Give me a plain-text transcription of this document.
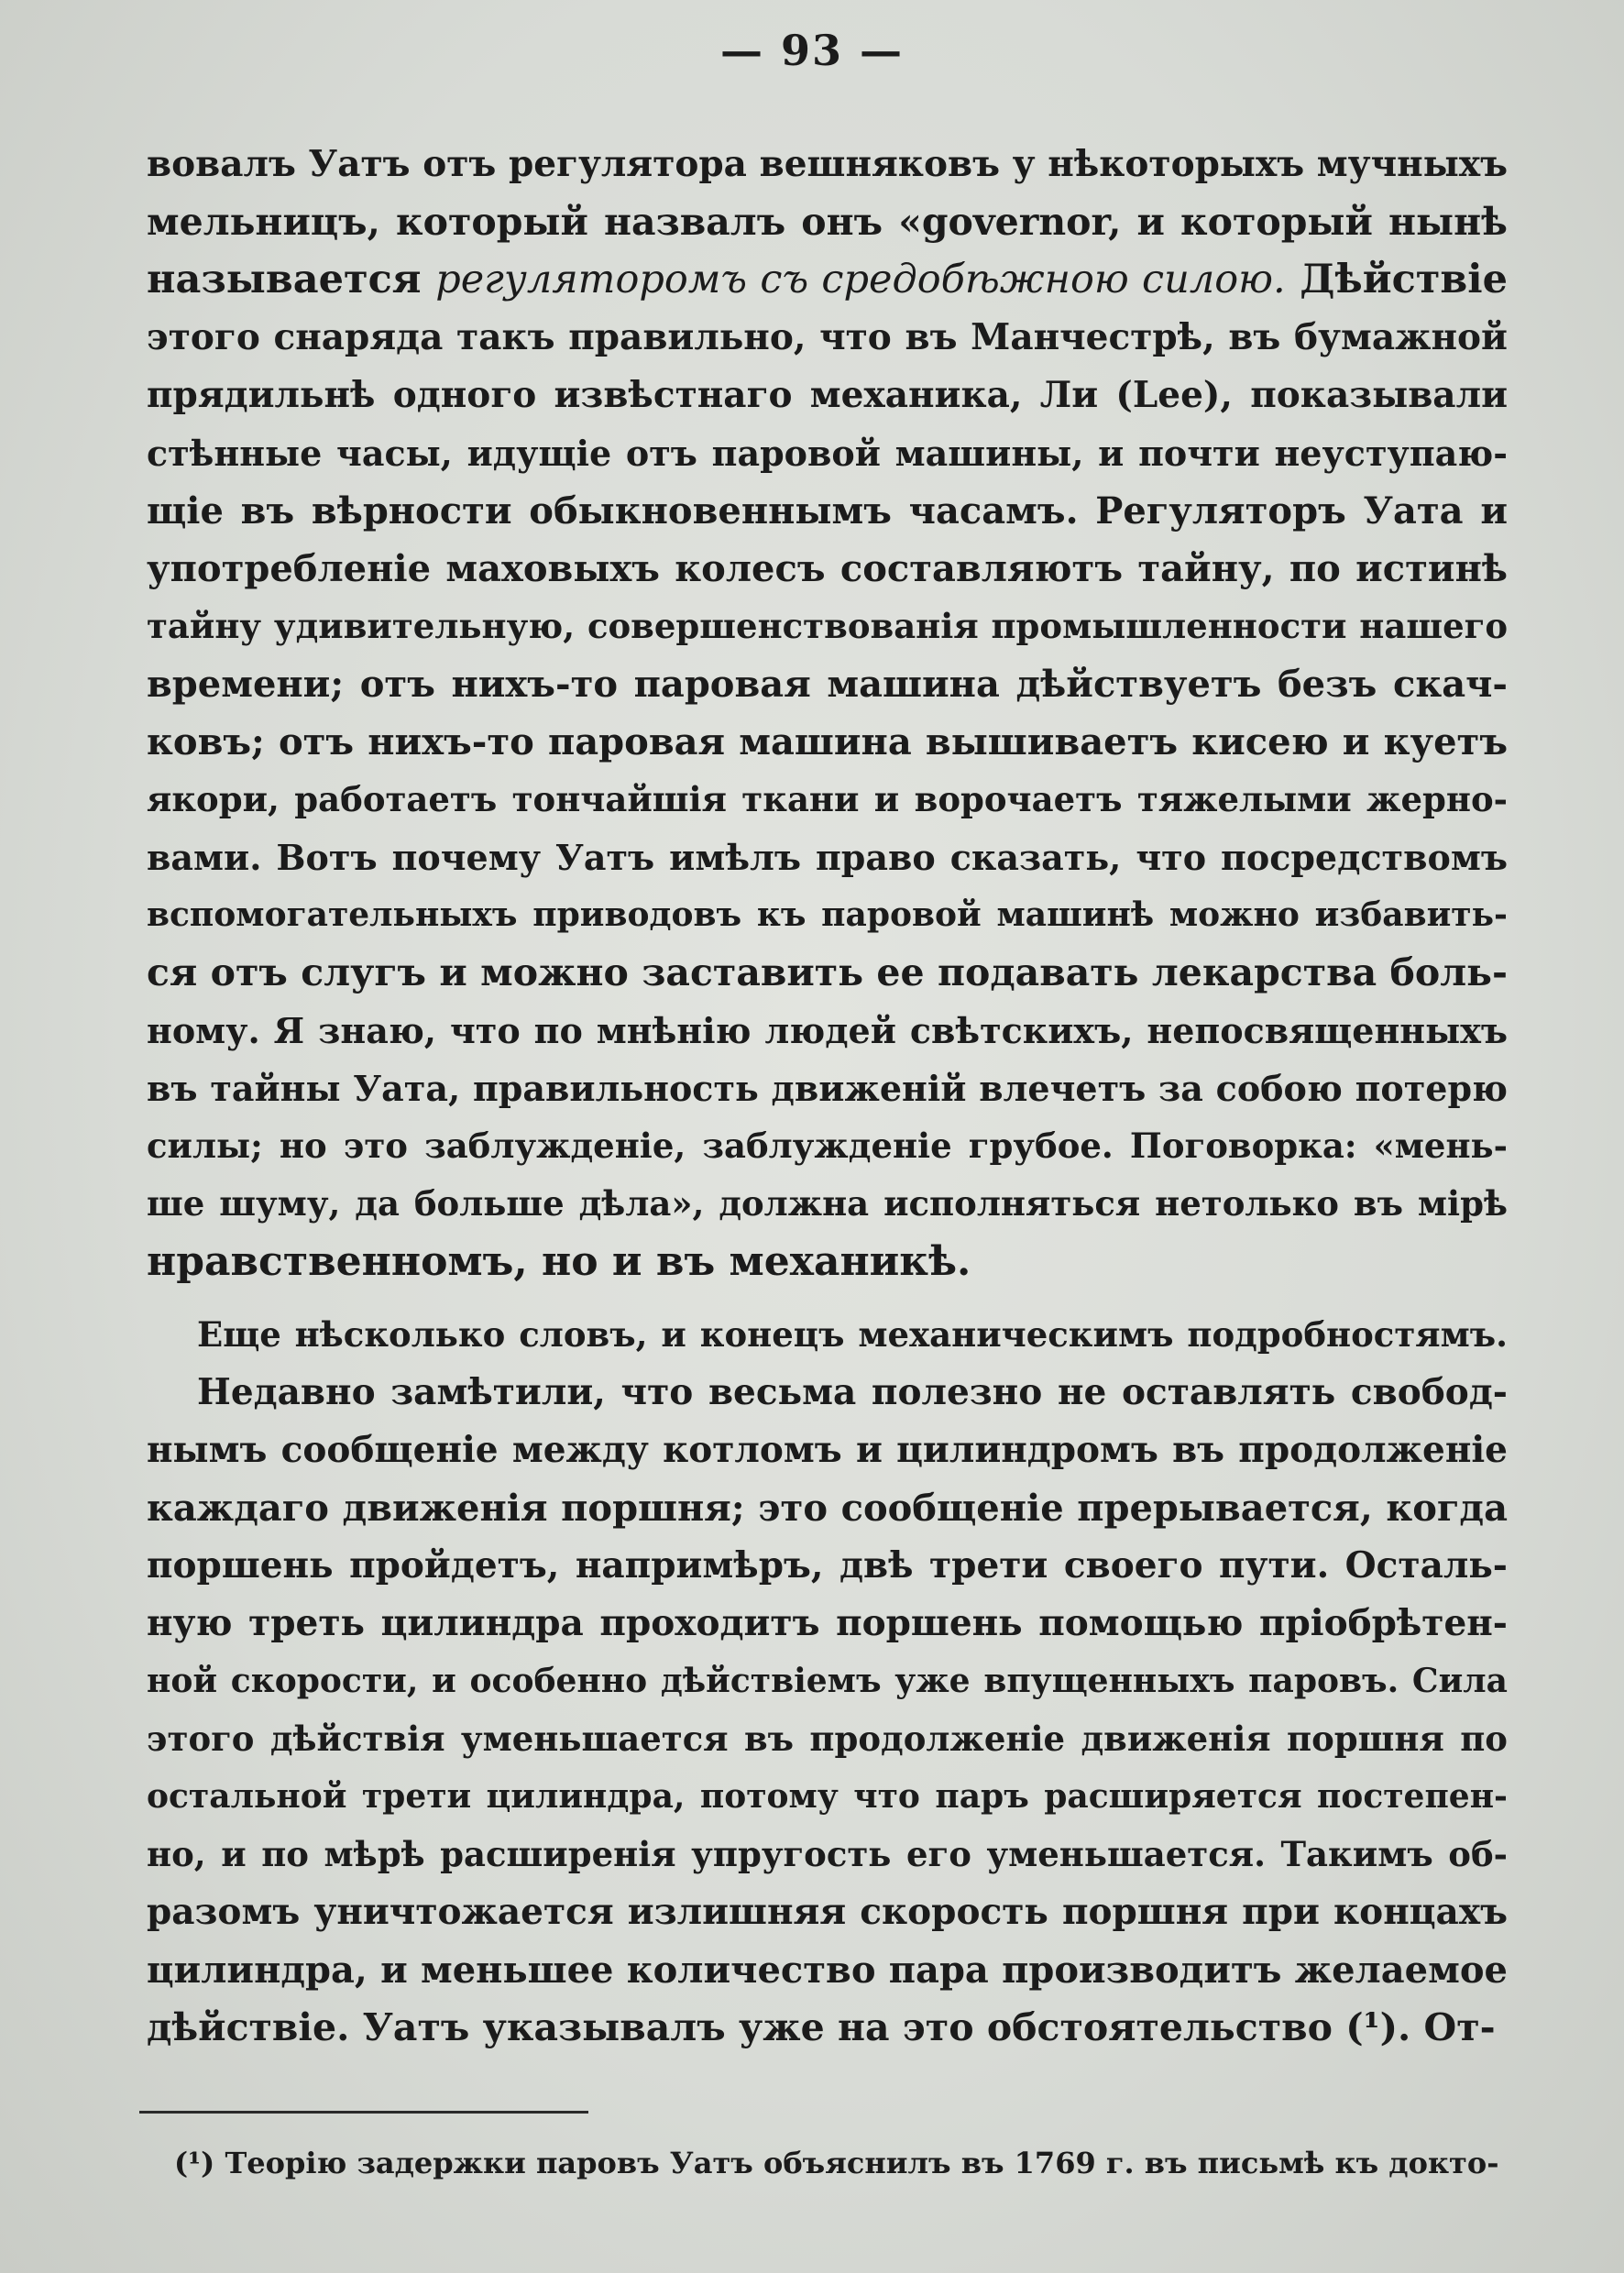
— 93 —
вовалъ Уатъ отъ регулятора вешняковъ у нѣкоторыхъ мучныхъ
мельницъ, который назвалъ онъ «governor, и который нынѣ
называется регуляторомъ съ средобѣжною силою. Дѣйствіе
этого снаряда такъ правильно, что въ Манчестрѣ, въ бумажной
прядильнѣ одного извѣстнаго механика, Ли (Lee), показывали
стѣнные часы, идущіе отъ паровой машины, и почти неуступаю-
щіе въ вѣрности обыкновеннымъ часамъ. Регуляторъ Уата и
употребленіе маховыхъ колесъ составляютъ тайну, по истинѣ
тайну удивительную, совершенствованія промышленности нашего
времени; отъ нихъ-то паровая машина дѣйствуетъ безъ скач-
ковъ; отъ нихъ-то паровая машина вышиваетъ кисею и куетъ
якори, работаетъ тончайшія ткани и ворочаетъ тяжелыми жерно-
вами. Вотъ почему Уатъ имѣлъ право сказать, что посредствомъ
вспомогательныхъ приводовъ къ паровой машинѣ можно избавить-
ся отъ слугъ и можно заставить ее подавать лекарства боль-
ному. Я знаю, что по мнѣнію людей свѣтскихъ, непосвященныхъ
въ тайны Уата, правильность движеній влечетъ за собою потерю
силы; но это заблужденіе, заблужденіе грубое. Поговорка: «мень-
ше шуму, да больше дѣла», должна исполняться нетолько въ мірѣ
нравственномъ, но и въ механикѣ.
Еще нѣсколько словъ, и конецъ механическимъ подробностямъ.
Недавно замѣтили, что весьма полезно не оставлять свобод-
нымъ сообщеніе между котломъ и цилиндромъ въ продолженіе
каждаго движенія поршня; это сообщеніе прерывается, когда
поршень пройдетъ, напримѣръ, двѣ трети своего пути. Осталь-
ную треть цилиндра проходитъ поршень помощью пріобрѣтен-
ной скорости, и особенно дѣйствіемъ уже впущенныхъ паровъ. Сила
этого дѣйствія уменьшается въ продолженіе движенія поршня по
остальной трети цилиндра, потому что паръ расширяется постепен-
но, и по мѣрѣ расширенія упругость его уменьшается. Такимъ об-
разомъ уничтожается излишняя скорость поршня при концахъ
цилиндра, и меньшее количество пара производитъ желаемое
дѣйствіе. Уатъ указывалъ уже на это обстоятельство (¹). От-
(¹) Теорію задержки паровъ Уатъ объяснилъ въ 1769 г. въ письмѣ къ докто-
